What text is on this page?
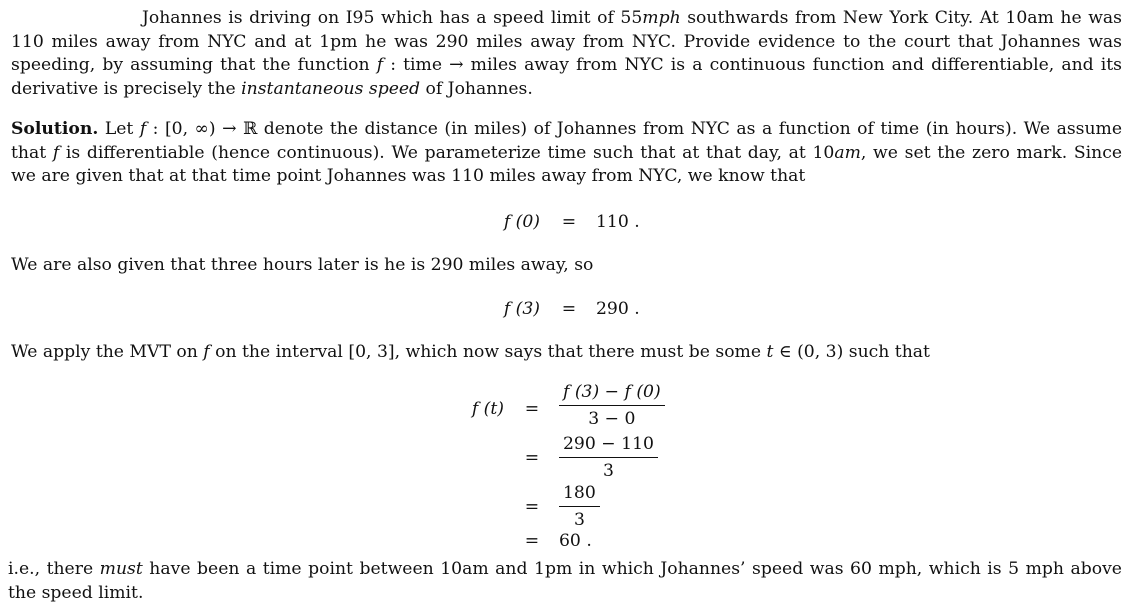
Johannes is driving on I95 which has a speed limit of 55mph southwards from New York City. At 10am he was 110 miles away from NYC and at 1pm he was 290 miles away from NYC. Provide evidence to the court that Johannes was speeding, by assuming that the function f : time → miles away from NYC is a continuous function and differentiable, and its derivative is precisely the instantaneous speed of Johannes.

Solution. Let f : [0, ∞) → ℝ denote the distance (in miles) of Johannes from NYC as a function of time (in hours). We assume that f is differentiable (hence continuous). We parameterize time such that at that day, at 10am, we set the zero mark. Since we are given that at that time point Johannes was 110 miles away from NYC, we know that

f (0) = 110 .

We are also given that three hours later is he is 290 miles away, so

f (3) = 290 .

We apply the MVT on f on the interval [0, 3], which now says that there must be some t ∈ (0, 3) such that

f $(t) = \frac{f (3) - f (0)}{3 - 0}$
= $\frac{290 - 110}{3}$
= $\frac{180}{3}$
= 60 .

i.e., there must have been a time point between 10am and 1pm in which Johannes’ speed was 60 mph, which is 5 mph above the speed limit.
